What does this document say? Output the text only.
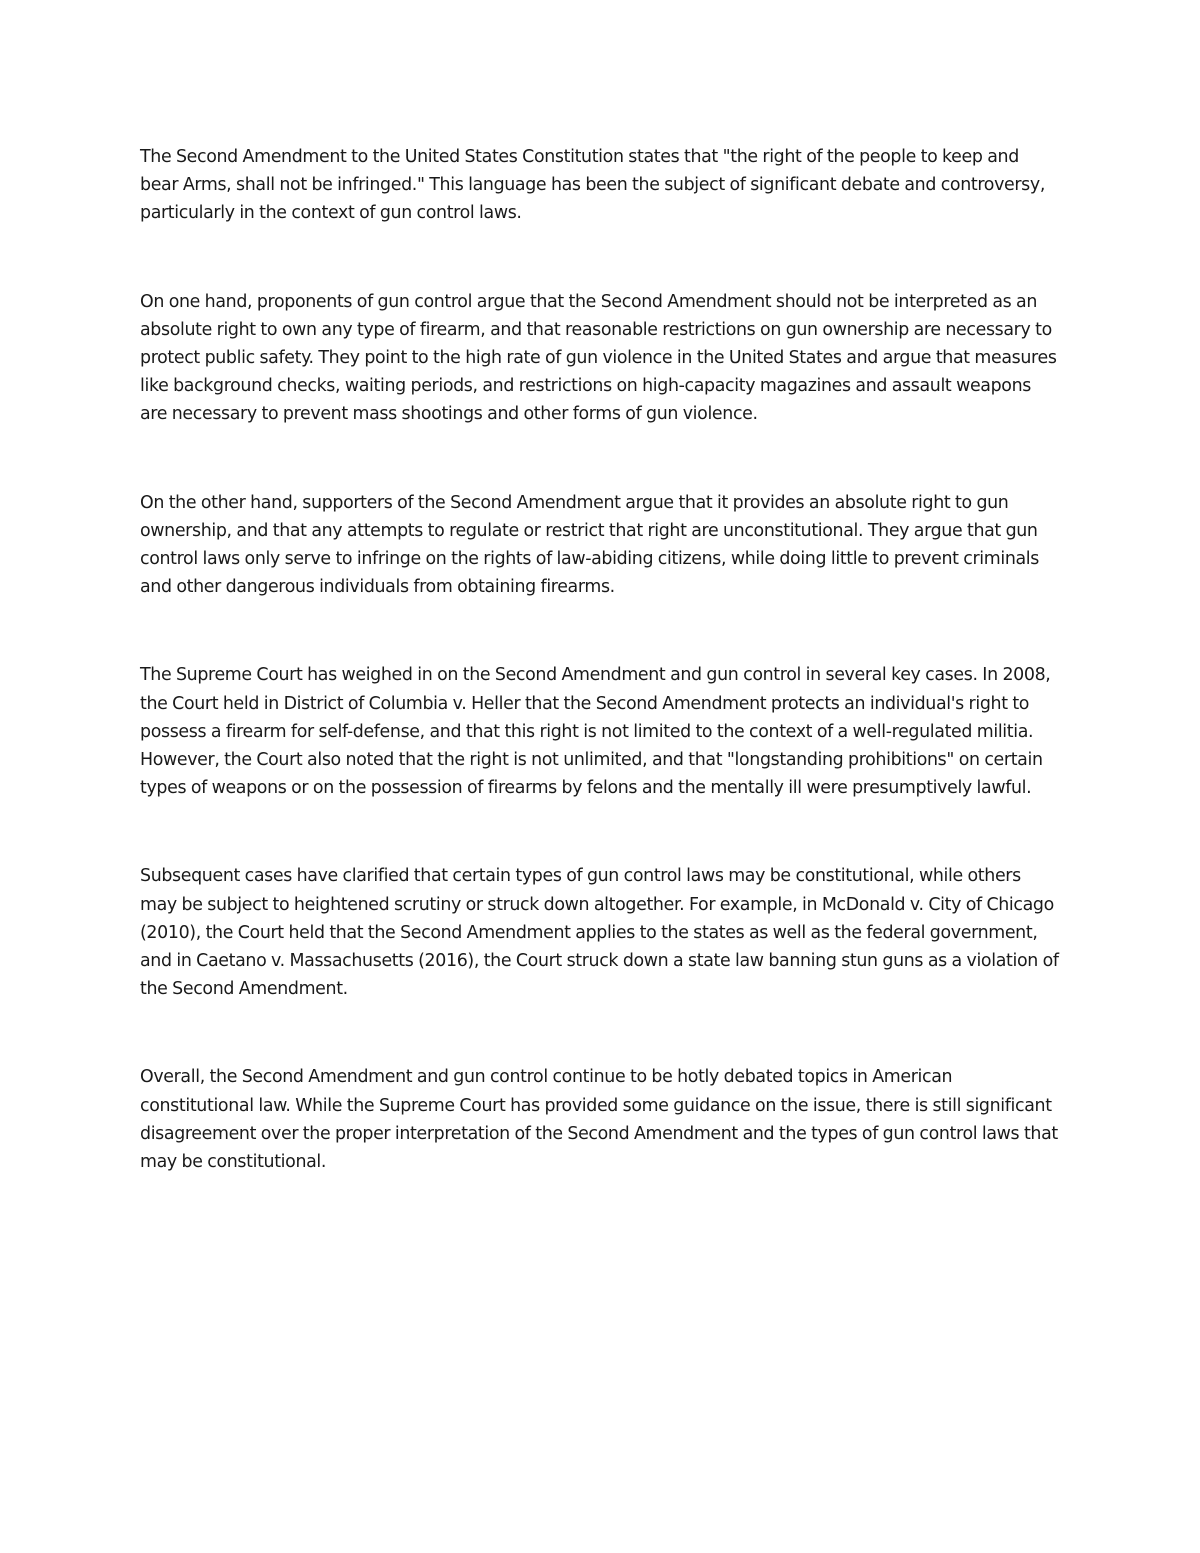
The Second Amendment to the United States Constitution states that "the right of the people to keep and bear Arms, shall not be infringed." This language has been the subject of significant debate and controversy, particularly in the context of gun control laws.

On one hand, proponents of gun control argue that the Second Amendment should not be interpreted as an absolute right to own any type of firearm, and that reasonable restrictions on gun ownership are necessary to protect public safety. They point to the high rate of gun violence in the United States and argue that measures like background checks, waiting periods, and restrictions on high-capacity magazines and assault weapons are necessary to prevent mass shootings and other forms of gun violence.

On the other hand, supporters of the Second Amendment argue that it provides an absolute right to gun ownership, and that any attempts to regulate or restrict that right are unconstitutional. They argue that gun control laws only serve to infringe on the rights of law-abiding citizens, while doing little to prevent criminals and other dangerous individuals from obtaining firearms.

The Supreme Court has weighed in on the Second Amendment and gun control in several key cases. In 2008, the Court held in District of Columbia v. Heller that the Second Amendment protects an individual's right to possess a firearm for self-defense, and that this right is not limited to the context of a well-regulated militia. However, the Court also noted that the right is not unlimited, and that "longstanding prohibitions" on certain types of weapons or on the possession of firearms by felons and the mentally ill were presumptively lawful.

Subsequent cases have clarified that certain types of gun control laws may be constitutional, while others may be subject to heightened scrutiny or struck down altogether. For example, in McDonald v. City of Chicago (2010), the Court held that the Second Amendment applies to the states as well as the federal government, and in Caetano v. Massachusetts (2016), the Court struck down a state law banning stun guns as a violation of the Second Amendment.

Overall, the Second Amendment and gun control continue to be hotly debated topics in American constitutional law. While the Supreme Court has provided some guidance on the issue, there is still significant disagreement over the proper interpretation of the Second Amendment and the types of gun control laws that may be constitutional.
